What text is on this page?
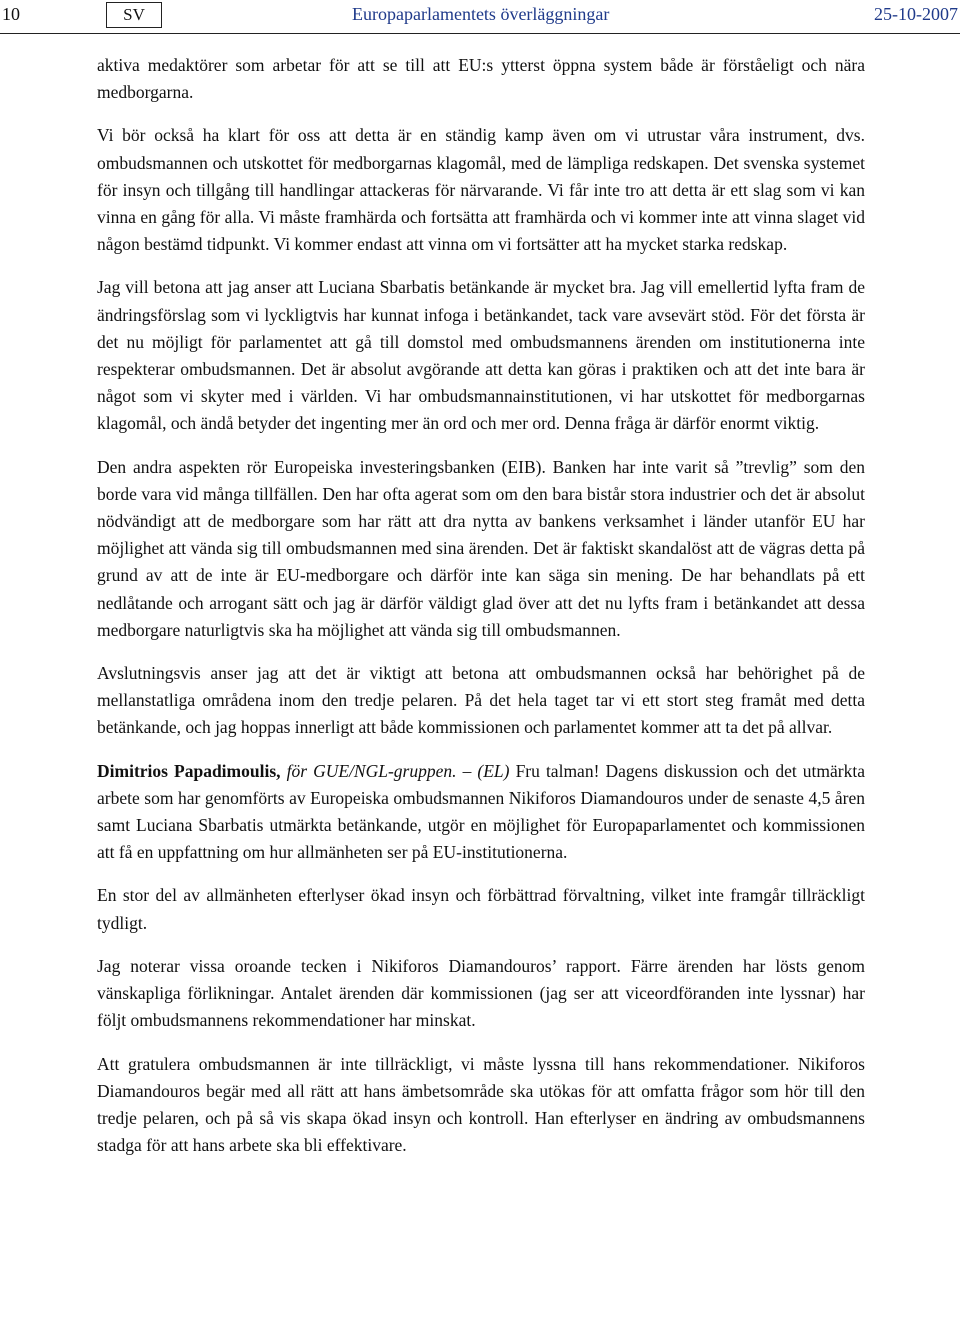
10	SV	Europaparlamentets överläggningar	25-10-2007

aktiva medaktörer som arbetar för att se till att EU:s ytterst öppna system både är förståeligt och nära medborgarna.

Vi bör också ha klart för oss att detta är en ständig kamp även om vi utrustar våra instrument, dvs. ombudsmannen och utskottet för medborgarnas klagomål, med de lämpliga redskapen. Det svenska systemet för insyn och tillgång till handlingar attackeras för närvarande. Vi får inte tro att detta är ett slag som vi kan vinna en gång för alla. Vi måste framhärda och fortsätta att framhärda och vi kommer inte att vinna slaget vid någon bestämd tidpunkt. Vi kommer endast att vinna om vi fortsätter att ha mycket starka redskap.

Jag vill betona att jag anser att Luciana Sbarbatis betänkande är mycket bra. Jag vill emellertid lyfta fram de ändringsförslag som vi lyckligtvis har kunnat infoga i betänkandet, tack vare avsevärt stöd. För det första är det nu möjligt för parlamentet att gå till domstol med ombudsmannens ärenden om institutionerna inte respekterar ombudsmannen. Det är absolut avgörande att detta kan göras i praktiken och att det inte bara är något som vi skyter med i världen. Vi har ombudsmannainstitutionen, vi har utskottet för medborgarnas klagomål, och ändå betyder det ingenting mer än ord och mer ord. Denna fråga är därför enormt viktig.

Den andra aspekten rör Europeiska investeringsbanken (EIB). Banken har inte varit så ”trevlig” som den borde vara vid många tillfällen. Den har ofta agerat som om den bara bistår stora industrier och det är absolut nödvändigt att de medborgare som har rätt att dra nytta av bankens verksamhet i länder utanför EU har möjlighet att vända sig till ombudsmannen med sina ärenden. Det är faktiskt skandalöst att de vägras detta på grund av att de inte är EU-medborgare och därför inte kan säga sin mening. De har behandlats på ett nedlåtande och arrogant sätt och jag är därför väldigt glad över att det nu lyfts fram i betänkandet att dessa medborgare naturligtvis ska ha möjlighet att vända sig till ombudsmannen.

Avslutningsvis anser jag att det är viktigt att betona att ombudsmannen också har behörighet på de mellanstatliga områdena inom den tredje pelaren. På det hela taget tar vi ett stort steg framåt med detta betänkande, och jag hoppas innerligt att både kommissionen och parlamentet kommer att ta det på allvar.

Dimitrios Papadimoulis, för GUE/NGL-gruppen. – (EL) Fru talman! Dagens diskussion och det utmärkta arbete som har genomförts av Europeiska ombudsmannen Nikiforos Diamandouros under de senaste 4,5 åren samt Luciana Sbarbatis utmärkta betänkande, utgör en möjlighet för Europaparlamentet och kommissionen att få en uppfattning om hur allmänheten ser på EU-institutionerna.

En stor del av allmänheten efterlyser ökad insyn och förbättrad förvaltning, vilket inte framgår tillräckligt tydligt.

Jag noterar vissa oroande tecken i Nikiforos Diamandouros’ rapport. Färre ärenden har lösts genom vänskapliga förlikningar. Antalet ärenden där kommissionen (jag ser att viceordföranden inte lyssnar) har följt ombudsmannens rekommendationer har minskat.

Att gratulera ombudsmannen är inte tillräckligt, vi måste lyssna till hans rekommendationer. Nikiforos Diamandouros begär med all rätt att hans ämbetsområde ska utökas för att omfatta frågor som hör till den tredje pelaren, och på så vis skapa ökad insyn och kontroll. Han efterlyser en ändring av ombudsmannens stadga för att hans arbete ska bli effektivare.
